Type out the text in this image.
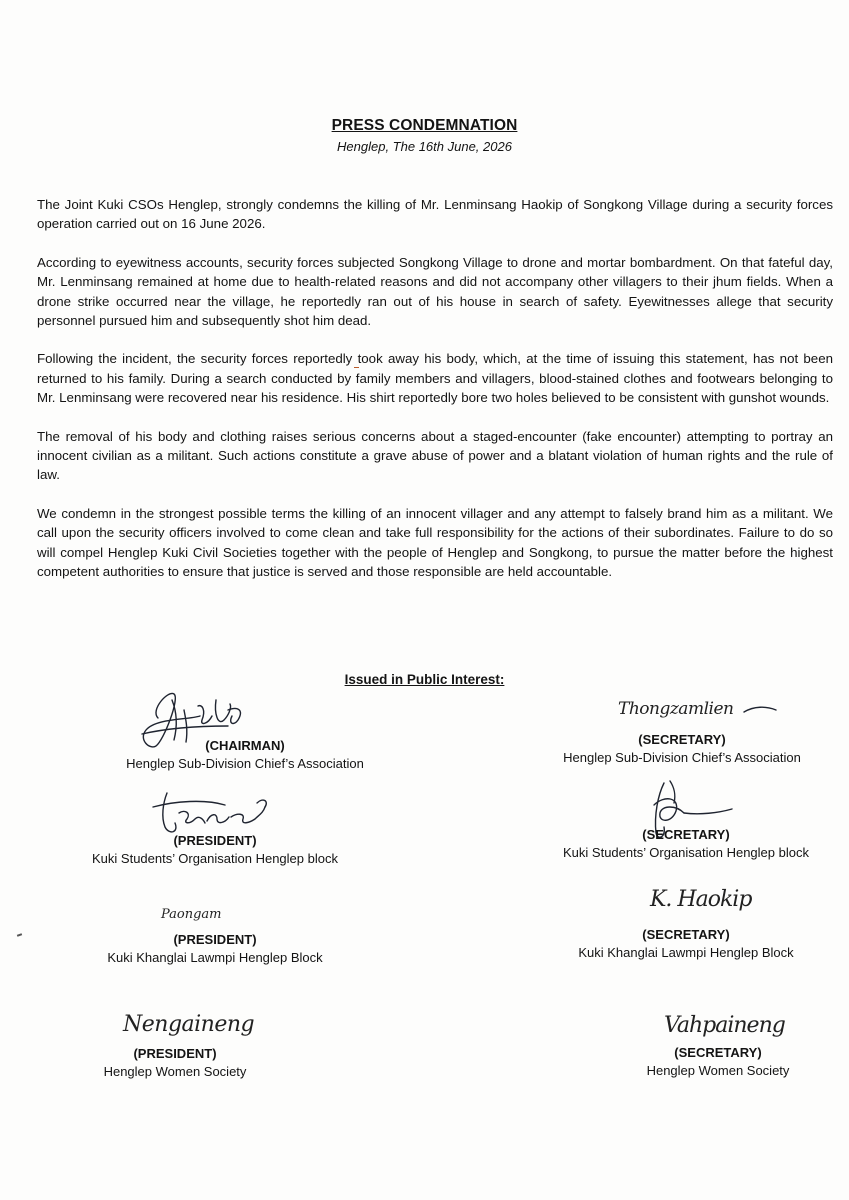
PRESS CONDEMNATION
Henglep, The 16th June, 2026

The Joint Kuki CSOs Henglep, strongly condemns the killing of Mr. Lenminsang Haokip of Songkong Village during a security forces operation carried out on 16 June 2026.

According to eyewitness accounts, security forces subjected Songkong Village to drone and mortar bombardment. On that fateful day, Mr. Lenminsang remained at home due to health-related reasons and did not accompany other villagers to their jhum fields. When a drone strike occurred near the village, he reportedly ran out of his house in search of safety. Eyewitnesses allege that security personnel pursued him and subsequently shot him dead.

Following the incident, the security forces reportedly took away his body, which, at the time of issuing this statement, has not been returned to his family. During a search conducted by family members and villagers, blood-stained clothes and footwears belonging to Mr. Lenminsang were recovered near his residence. His shirt reportedly bore two holes believed to be consistent with gunshot wounds.

The removal of his body and clothing raises serious concerns about a staged-encounter (fake encounter) attempting to portray an innocent civilian as a militant. Such actions constitute a grave abuse of power and a blatant violation of human rights and the rule of law.

We condemn in the strongest possible terms the killing of an innocent villager and any attempt to falsely brand him as a militant. We call upon the security officers involved to come clean and take full responsibility for the actions of their subordinates. Failure to do so will compel Henglep Kuki Civil Societies together with the people of Henglep and Songkong, to pursue the matter before the highest competent authorities to ensure that justice is served and those responsible are held accountable.

Issued in Public Interest:
(CHAIRMAN)
Henglep Sub-Division Chief’s Association
(PRESIDENT)
Kuki Students’ Organisation Henglep block
Paongam
(PRESIDENT)
Kuki Khanglai Lawmpi Henglep Block
Nengaineng
(PRESIDENT)
Henglep Women Society
Thongzamlien
(SECRETARY)
Henglep Sub-Division Chief’s Association
(SECRETARY)
Kuki Students’ Organisation Henglep block
K. Haokip
(SECRETARY)
Kuki Khanglai Lawmpi Henglep Block
Vahpaineng
(SECRETARY)
Henglep Women Society
